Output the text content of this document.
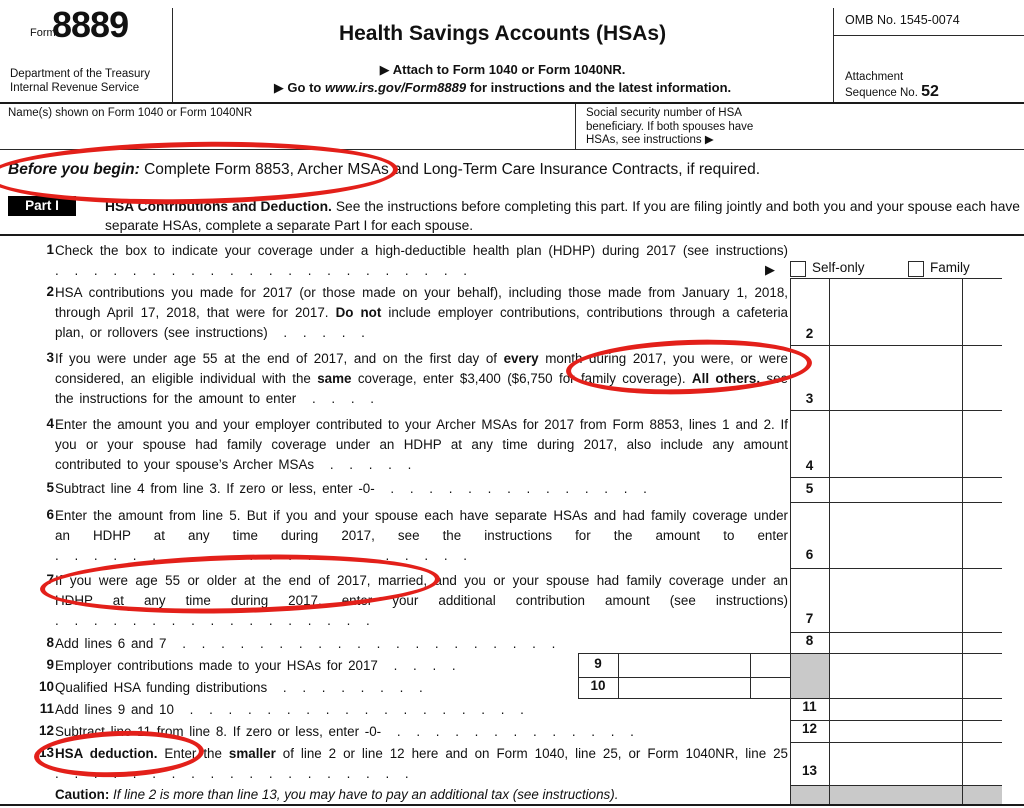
Form
8889
Department of the Treasury
Internal Revenue Service
Health Savings Accounts (HSAs)
▶ Attach to Form 1040 or Form 1040NR.
▶ Go to www.irs.gov/Form8889 for instructions and the latest information.
OMB No. 1545-0074
Attachment
Sequence No. 52
Name(s) shown on Form 1040 or Form 1040NR	Social security number of HSA beneficiary. If both spouses have HSAs, see instructions ▶
Before you begin: Complete Form 8853, Archer MSAs and Long-Term Care Insurance Contracts, if required.
Part I	HSA Contributions and Deduction. See the instructions before completing this part. If you are filing jointly and both you and your spouse each have separate HSAs, complete a separate Part I for each spouse.
1 Check the box to indicate your coverage under a high-deductible health plan (HDHP) during 2017 (see instructions) . . . . . . . . . . . . . . . . . . . . . .	▶
2 HSA contributions you made for 2017 (or those made on your behalf), including those made from January 1, 2018, through April 17, 2018, that were for 2017. Do not include employer contributions, contributions through a cafeteria plan, or rollovers (see instructions) . . . . .
3 If you were under age 55 at the end of 2017, and on the first day of every month during 2017, you were, or were considered, an eligible individual with the same coverage, enter $3,400 ($6,750 for family coverage). All others, see the instructions for the amount to enter . . . .
4 Enter the amount you and your employer contributed to your Archer MSAs for 2017 from Form 8853, lines 1 and 2. If you or your spouse had family coverage under an HDHP at any time during 2017, also include any amount contributed to your spouse’s Archer MSAs . . . . .
5 Subtract line 4 from line 3. If zero or less, enter -0- . . . . . . . . . . . . . .
6 Enter the amount from line 5. But if you and your spouse each have separate HSAs and had family coverage under an HDHP at any time during 2017, see the instructions for the amount to enter . . . . . . . . . . . . . . . . . . . . . .
7 If you were age 55 or older at the end of 2017, married, and you or your spouse had family coverage under an HDHP at any time during 2017, enter your additional contribution amount (see instructions) . . . . . . . . . . . . . . . . .
8 Add lines 6 and 7 . . . . . . . . . . . . . . . . . . . .
9 Employer contributions made to your HSAs for 2017 . . . .
10 Qualified HSA funding distributions . . . . . . . .
11 Add lines 9 and 10 . . . . . . . . . . . . . . . . . .
12 Subtract line 11 from line 8. If zero or less, enter -0- . . . . . . . . . . . . .
13 HSA deduction. Enter the smaller of line 2 or line 12 here and on Form 1040, line 25, or Form 1040NR, line 25 . . . . . . . . . . . . . . . . . . .
Caution: If line 2 is more than line 13, you may have to pay an additional tax (see instructions).
Self-only	Family
2
3
4
5
6
7
8
9
10
11
12
13
